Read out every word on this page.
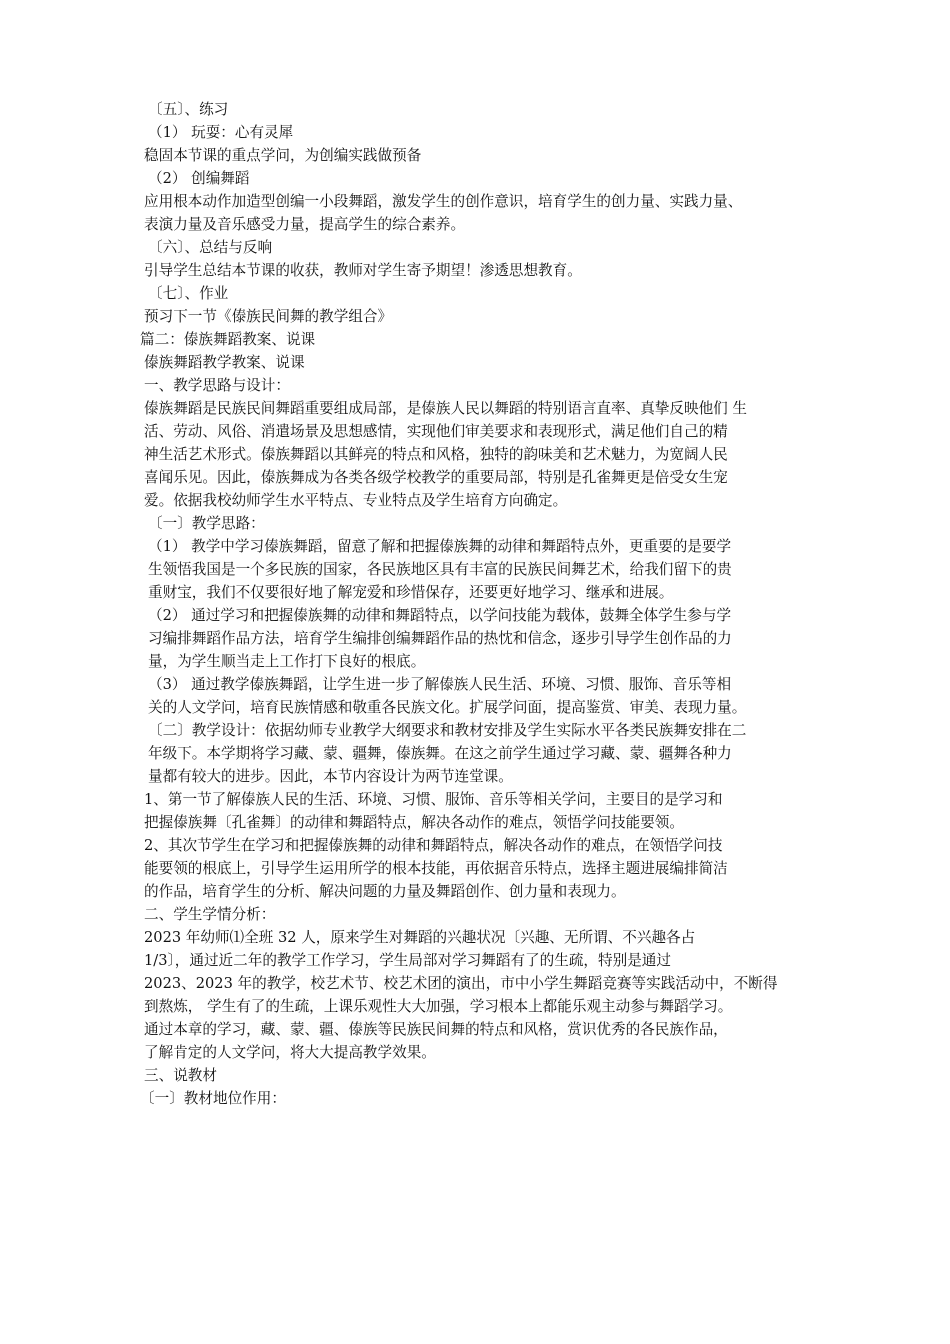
〔五〕、练习
（1） 玩耍：心有灵犀
稳固本节课的重点学问，为创编实践做预备
（2） 创编舞蹈
应用根本动作加造型创编一小段舞蹈，激发学生的创作意识，培育学生的创力量、实践力量、
表演力量及音乐感受力量，提高学生的综合素养。
〔六〕、总结与反响
引导学生总结本节课的收获，教师对学生寄予期望！渗透思想教育。
〔七〕、作业
预习下一节《傣族民间舞的教学组合》
篇二：傣族舞蹈教案、说课
傣族舞蹈教学教案、说课
一、教学思路与设计：
傣族舞蹈是民族民间舞蹈重要组成局部，是傣族人民以舞蹈的特别语言直率、真挚反映他们 生
活、劳动、风俗、消遣场景及思想感情，实现他们审美要求和表现形式，满足他们自己的精
神生活艺术形式。傣族舞蹈以其鲜亮的特点和风格，独特的韵味美和艺术魅力，为宽阔人民
喜闻乐见。因此，傣族舞成为各类各级学校教学的重要局部，特别是孔雀舞更是倍受女生宠
爱。依据我校幼师学生水平特点、专业特点及学生培育方向确定。
〔一〕教学思路：
（1） 教学中学习傣族舞蹈，留意了解和把握傣族舞的动律和舞蹈特点外，更重要的是要学
生领悟我国是一个多民族的国家，各民族地区具有丰富的民族民间舞艺术，给我们留下的贵
重财宝，我们不仅要很好地了解宠爱和珍惜保存，还要更好地学习、继承和进展。
（2） 通过学习和把握傣族舞的动律和舞蹈特点，以学问技能为载体，鼓舞全体学生参与学
习编排舞蹈作品方法，培育学生编排创编舞蹈作品的热忱和信念，逐步引导学生创作品的力
量，为学生顺当走上工作打下良好的根底。
（3） 通过教学傣族舞蹈，让学生进一步了解傣族人民生活、环境、习惯、服饰、音乐等相
关的人文学问，培育民族情感和敬重各民族文化。扩展学问面，提高鉴赏、审美、表现力量。
〔二〕教学设计：依据幼师专业教学大纲要求和教材安排及学生实际水平各类民族舞安排在二
年级下。本学期将学习藏、蒙、疆舞，傣族舞。在这之前学生通过学习藏、蒙、疆舞各种力
量都有较大的进步。因此，本节内容设计为两节连堂课。
1、第一节了解傣族人民的生活、环境、习惯、服饰、音乐等相关学问，主要目的是学习和
把握傣族舞〔孔雀舞〕的动律和舞蹈特点，解决各动作的难点，领悟学问技能要领。
2、其次节学生在学习和把握傣族舞的动律和舞蹈特点，解决各动作的难点，在领悟学问技
能要领的根底上，引导学生运用所学的根本技能，再依据音乐特点，选择主题进展编排简洁
的作品，培育学生的分析、解决问题的力量及舞蹈创作、创力量和表现力。
二、学生学情分析：
2023 年幼师⑴全班 32 人，原来学生对舞蹈的兴趣状况〔兴趣、无所谓、不兴趣各占
1/3〕，通过近二年的教学工作学习，学生局部对学习舞蹈有了的生疏，特别是通过
2023、2023 年的教学，校艺术节、校艺术团的演出，市中小学生舞蹈竞赛等实践活动中，不断得
到熬炼， 学生有了的生疏，上课乐观性大大加强，学习根本上都能乐观主动参与舞蹈学习。
通过本章的学习，藏、蒙、疆、傣族等民族民间舞的特点和风格，赏识优秀的各民族作品，
了解肯定的人文学问，将大大提高教学效果。
三、说教材
〔一〕教材地位作用：
